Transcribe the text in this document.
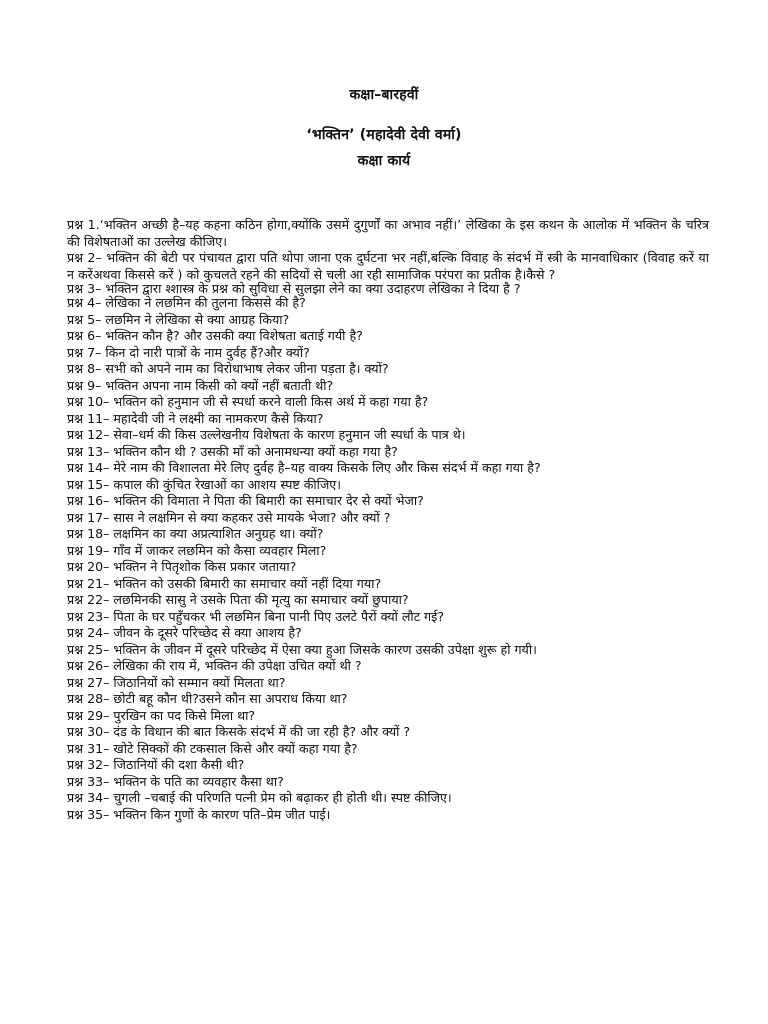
कक्षा–बारहवीं
‘भक्तिन’ (महादेवी देवी वर्मा)
कक्षा कार्य
प्रश्न 1.‘भक्तिन अच्छी है–यह कहना कठिन होगा,क्योंकि उसमें दुगुर्णों का अभाव नहीं।’ लेखिका के इस कथन के आलोक में भक्तिन के चरित्र की विशेषताओं का उल्लेख कीजिए।
प्रश्न 2– भक्तिन की बेटी पर पंचायत द्वारा पति थोपा जाना एक दुर्घटना भर नहीं,बल्कि विवाह के संदर्भ में स्त्री के मानवाधिकार (विवाह करें या न करेंअथवा किससे करें ) को कुचलते रहने की सदियों से चली आ रही सामाजिक परंपरा का प्रतीक है।कैसे ?
प्रश्न 3– भक्तिन द्वारा श्शास्त्र के प्रश्न को सुविधा से सुलझा लेने का क्या उदाहरण लेखिका ने दिया है ?
प्रश्न 4– लेखिका ने लछमिन की तुलना किससे की है?
प्रश्न 5– लछमिन ने लेखिका से क्या आग्रह किया?
प्रश्न 6– भक्तिन कौन है? और उसकी क्या विशेषता बताई गयी है?
प्रश्न 7– किन दो नारी पात्रों के नाम दुर्वह हैं?और क्यों?
प्रश्न 8– सभी को अपने नाम का विरोधाभाष लेकर जीना पड़ता है। क्यों?
प्रश्न 9– भक्तिन अपना नाम किसी को क्यों नहीं बताती थी?
प्रश्न 10– भक्तिन को हनुमान जी से स्पर्धा करने वाली किस अर्थ में कहा गया है?
प्रश्न 11– महादेवी जी ने लक्ष्मी का नामकरण कैसे किया?
प्रश्न 12– सेवा–धर्म की किस उल्लेखनीय विशेषता के कारण हनुमान जी स्पर्धा के पात्र थे।
प्रश्न 13– भक्तिन कौन थी ? उसकी माँ को अनामधन्या क्यों कहा गया है?
प्रश्न 14– मेरे नाम की विशालता मेरे लिए दुर्वह है–यह वाक्य किसके लिए और किस संदर्भ में कहा गया है?
प्रश्न 15– कपाल की कुंचित रेखाओं का आशय स्पष्ट कीजिए।
प्रश्न 16– भक्तिन की विमाता ने पिता की बिमारी का समाचार देर से क्यों भेजा?
प्रश्न 17– सास ने लक्षमिन से क्या कहकर उसे मायके भेजा? और क्यों ?
प्रश्न 18– लक्षमिन का क्या अप्रत्याशित अनुग्रह था। क्यों?
प्रश्न 19– गाँव में जाकर लछमिन को कैसा व्यवहार मिला?
प्रश्न 20– भक्तिन ने पितृशोक किस प्रकार जताया?
प्रश्न 21– भक्तिन को उसकी बिमारी का समाचार क्यों नहीं दिया गया?
प्रश्न 22– लछमिनकी सासु ने उसके पिता की मृत्यु का समाचार क्यों छुपाया?
प्रश्न 23– पिता के घर पहुँचकर भी लछमिन बिना पानी पिए उलटे पैरों क्यों लौट गई?
प्रश्न 24– जीवन के दूसरे परिच्छेद से क्या आशय है?
प्रश्न 25– भक्तिन के जीवन में दूसरे परिच्छेद में ऐसा क्या हुआ जिसके कारण उसकी उपेक्षा शुरू हो गयी।
प्रश्न 26– लेखिका की राय में, भक्तिन की उपेक्षा उचित क्यों थी ?
प्रश्न 27– जिठानियों को सम्मान क्यों मिलता था?
प्रश्न 28– छोटी बहू कौन थी?उसने कौन सा अपराध किया था?
प्रश्न 29– पुरखिन का पद किसे मिला था?
प्रश्न 30– दंड के विधान की बात किसके संदर्भ में की जा रही है? और क्यों ?
प्रश्न 31– खोटे सिक्कों की टकसाल किसे और क्यों कहा गया है?
प्रश्न 32– जिठानियों की दशा कैसी थी?
प्रश्न 33– भक्तिन के पति का व्यवहार कैसा था?
प्रश्न 34– चुगली –चबाई की परिणति पत्नी प्रेम को बढ़ाकर ही होती थी। स्पष्ट कीजिए।
प्रश्न 35– भक्तिन किन गुणों के कारण पति–प्रेम जीत पाई।
